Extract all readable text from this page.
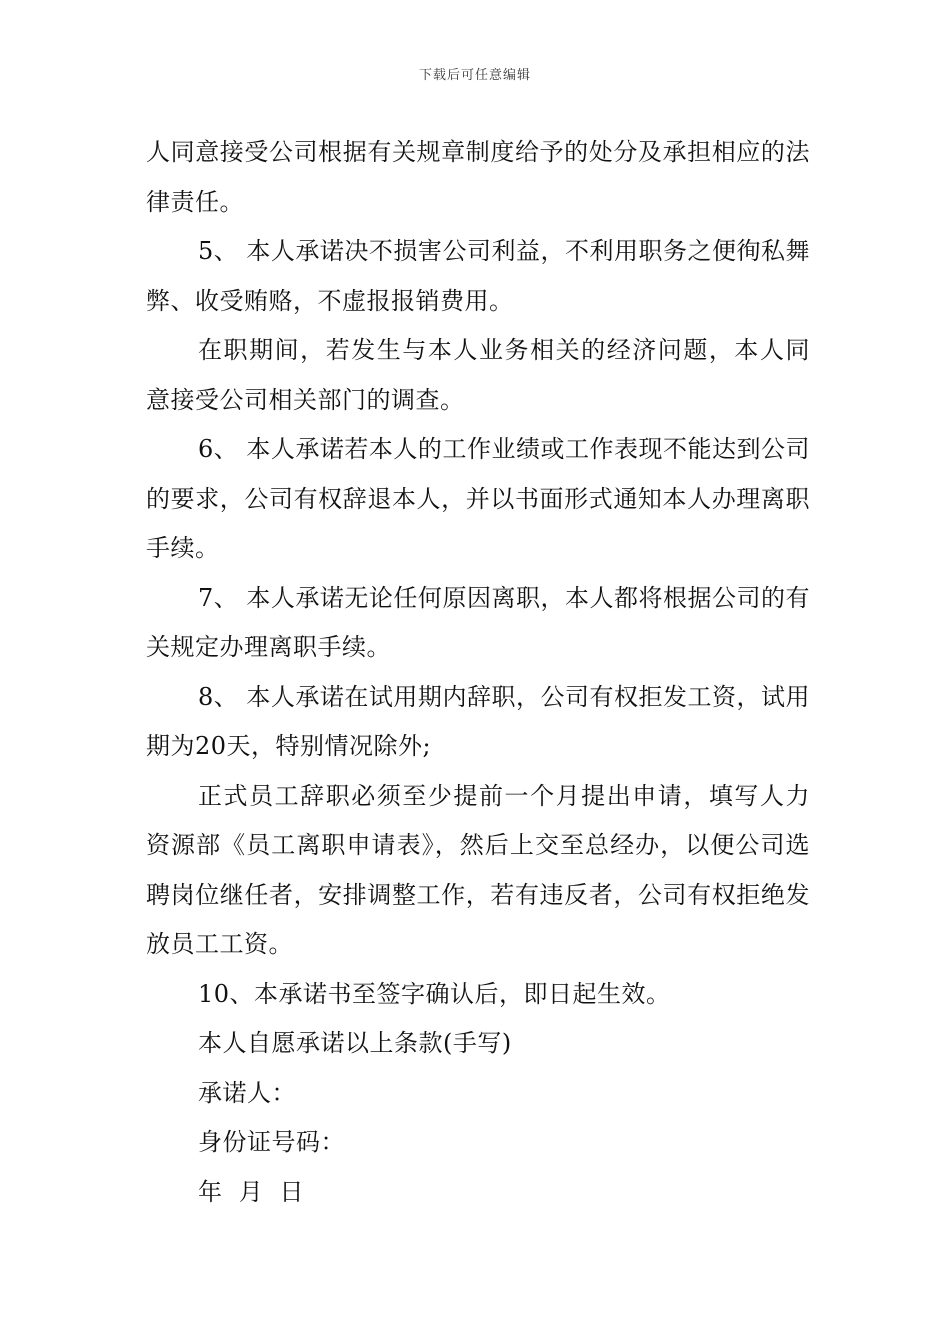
下载后可任意编辑

人同意接受公司根据有关规章制度给予的处分及承担相应的法律责任。

5、 本人承诺决不损害公司利益，不利用职务之便徇私舞弊、收受贿赂，不虚报报销费用。

在职期间，若发生与本人业务相关的经济问题，本人同意接受公司相关部门的调查。

6、 本人承诺若本人的工作业绩或工作表现不能达到公司的要求，公司有权辞退本人，并以书面形式通知本人办理离职手续。

7、 本人承诺无论任何原因离职，本人都将根据公司的有关规定办理离职手续。

8、 本人承诺在试用期内辞职，公司有权拒发工资，试用期为20天，特别情况除外;

正式员工辞职必须至少提前一个月提出申请，填写人力资源部《员工离职申请表》，然后上交至总经办，以便公司选聘岗位继任者，安排调整工作，若有违反者，公司有权拒绝发放员工工资。

10、本承诺书至签字确认后，即日起生效。

本人自愿承诺以上条款(手写)

承诺人：

身份证号码：

年  月  日
